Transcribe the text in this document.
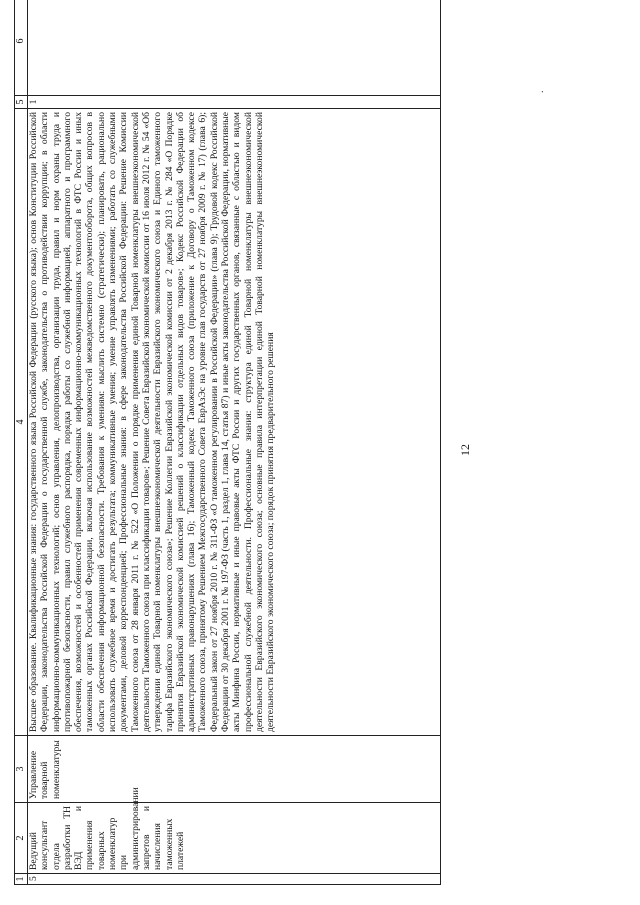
12
.
1	2	3	4	5	6
5	Ведущий консультант отдела разработки ТН ВЭД и применения товарных номенклатур при администрировании запретов и начисления таможенных платежей	Управление товарной номенклатуры	Высшее образование. Квалификационные знания: государственного языка Российской Федерации (русского языка); основ Конституции Российской Федерации, законодательства Российской Федерации о государственной службе, законодательства о противодействии коррупции; в области информационно-коммуникационных технологий; основ управления, делопроизводства, организации труда, правил и норм охраны труда и противопожарной безопасности, правил служебного распорядка, порядка работы со служебной информацией, аппаратного и программного обеспечения, возможностей и особенностей применения современных информационно-коммуникационных технологий в ФТС России и иных таможенных органах Российской Федерации, включая использование возможностей межведомственного документооборота, общих вопросов в области обеспечения информационной безопасности. Требования к умениям: мыслить системно (стратегически); планировать, рационально использовать служебное время и достигать результата; коммуникативные умения; умение управлять изменениями; работать со служебными документами, деловой корреспонденцией; Профессиональные знания: в сфере законодательства Российской Федерации: Решение Комиссии Таможенного союза от 28 января 2011 г. № 522 «О Положении о порядке применения единой Товарной номенклатуры внешнеэкономической деятельности Таможенного союза при классификации товаров»; Решение Совета Евразийской экономической комиссии от 16 июля 2012 г. № 54 «Об утверждении единой Товарной номенклатуры внешнеэкономической деятельности Евразийского экономического союза и Единого таможенного тарифа Евразийского экономического союза»; Решение Коллегии Евразийской экономической комиссии от 2 декабря 2013 г. № 284 «О Порядке принятия Евразийской экономической комиссией решений о классификации отдельных видов товаров»; Кодекс Российской Федерации об административных правонарушениях (глава 16); Таможенный кодекс Таможенного союза (приложение к Договору о Таможенном кодексе Таможенного союза, принятому Решением Межгосударственного Совета ЕврАзЭс на уровне глав государств от 27 ноября 2009 г. № 17) (глава 6); Федеральный закон от 27 ноября 2010 г. № 311-ФЗ «О таможенном регулировании в Российской Федерации» (глава 9); Трудовой кодекс Российской Федерации от 30 декабря 2001 г. № 197-ФЗ (часть 1, раздел 1, глава 14, статья 87) и иные акты законодательства Российской Федерации, нормативные акты Минфина России, нормативные и иные правовые акты ФТС России и других государственных органов, связанные с областью и видом профессиональной служебной деятельности. Профессиональные знания: структура единой Товарной номенклатуры внешнеэкономической деятельности Евразийского экономического союза; основные правила интерпретации единой Товарной номенклатуры внешнеэкономической деятельности Евразийского экономического союза; порядок принятия предварительного решения	1	
